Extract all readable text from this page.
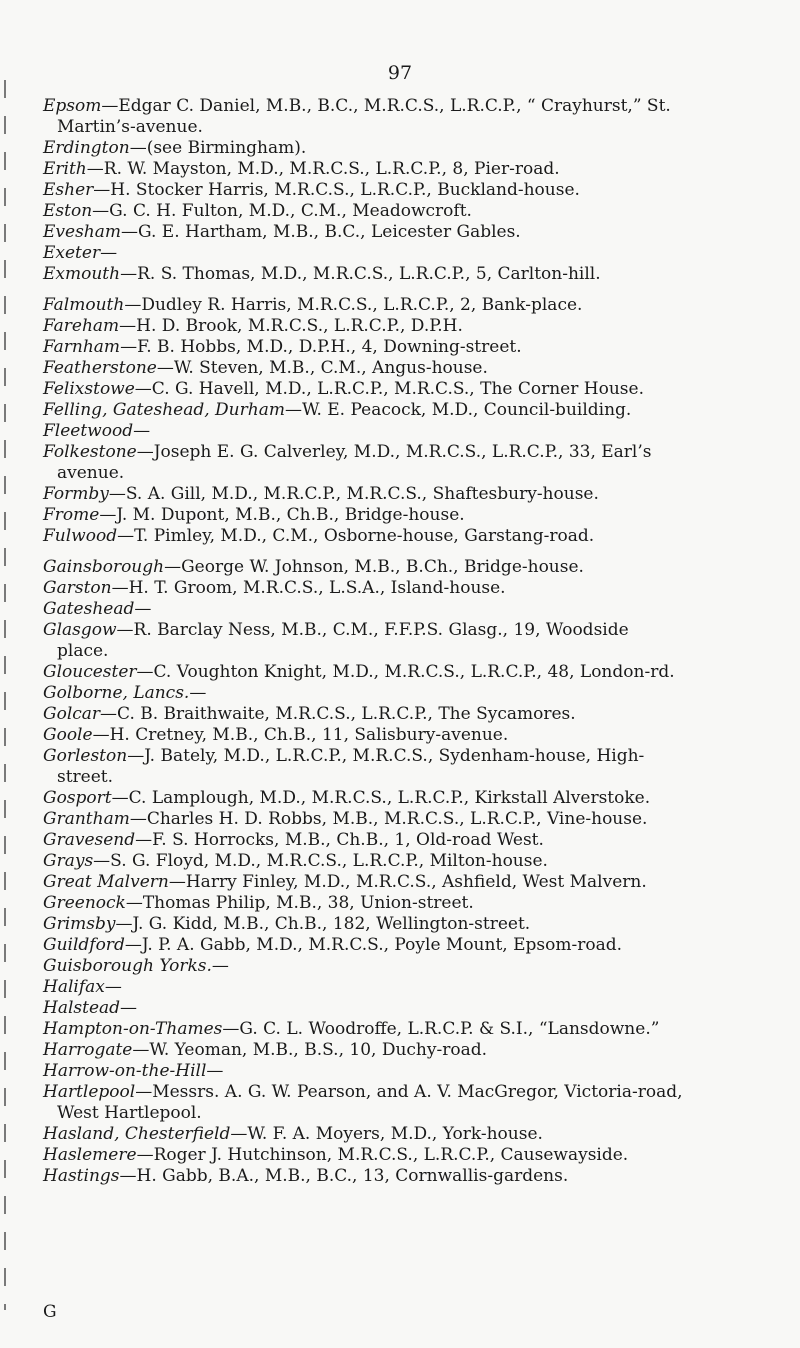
97

Epsom—Edgar C. Daniel, M.B., B.C., M.R.C.S., L.R.C.P., “ Crayhurst,” St.
Martin’s-avenue.

Erdington—(see Birmingham).

Erith—R. W. Mayston, M.D., M.R.C.S., L.R.C.P., 8, Pier-road.

Esher—H. Stocker Harris, M.R.C.S., L.R.C.P., Buckland-house.

Eston—G. C. H. Fulton, M.D., C.M., Meadowcroft.

Evesham—G. E. Hartham, M.B., B.C., Leicester Gables.

Exeter—

Exmouth—R. S. Thomas, M.D., M.R.C.S., L.R.C.P., 5, Carlton-hill.

Falmouth—Dudley R. Harris, M.R.C.S., L.R.C.P., 2, Bank-place.

Fareham—H. D. Brook, M.R.C.S., L.R.C.P., D.P.H.

Farnham—F. B. Hobbs, M.D., D.P.H., 4, Downing-street.

Featherstone—W. Steven, M.B., C.M., Angus-house.

Felixstowe—C. G. Havell, M.D., L.R.C.P., M.R.C.S., The Corner House.

Felling, Gateshead, Durham—W. E. Peacock, M.D., Council-building.

Fleetwood—

Folkestone—Joseph E. G. Calverley, M.D., M.R.C.S., L.R.C.P., 33, Earl’s
avenue.

Formby—S. A. Gill, M.D., M.R.C.P., M.R.C.S., Shaftesbury-house.

Frome—J. M. Dupont, M.B., Ch.B., Bridge-house.

Fulwood—T. Pimley, M.D., C.M., Osborne-house, Garstang-road.

Gainsborough—George W. Johnson, M.B., B.Ch., Bridge-house.

Garston—H. T. Groom, M.R.C.S., L.S.A., Island-house.

Gateshead—

Glasgow—R. Barclay Ness, M.B., C.M., F.F.P.S. Glasg., 19, Woodside
place.

Gloucester—C. Voughton Knight, M.D., M.R.C.S., L.R.C.P., 48, London-rd.

Golborne, Lancs.—

Golcar—C. B. Braithwaite, M.R.C.S., L.R.C.P., The Sycamores.

Goole—H. Cretney, M.B., Ch.B., 11, Salisbury-avenue.

Gorleston—J. Bately, M.D., L.R.C.P., M.R.C.S., Sydenham-house, High-
street.

Gosport—C. Lamplough, M.D., M.R.C.S., L.R.C.P., Kirkstall Alverstoke.

Grantham—Charles H. D. Robbs, M.B., M.R.C.S., L.R.C.P., Vine-house.

Gravesend—F. S. Horrocks, M.B., Ch.B., 1, Old-road West.

Grays—S. G. Floyd, M.D., M.R.C.S., L.R.C.P., Milton-house.

Great Malvern—Harry Finley, M.D., M.R.C.S., Ashfield, West Malvern.

Greenock—Thomas Philip, M.B., 38, Union-street.

Grimsby—J. G. Kidd, M.B., Ch.B., 182, Wellington-street.

Guildford—J. P. A. Gabb, M.D., M.R.C.S., Poyle Mount, Epsom-road.

Guisborough Yorks.—

Halifax—

Halstead—

Hampton-on-Thames—G. C. L. Woodroffe, L.R.C.P. & S.I., “Lansdowne.”

Harrogate—W. Yeoman, M.B., B.S., 10, Duchy-road.

Harrow-on-the-Hill—

Hartlepool—Messrs. A. G. W. Pearson, and A. V. MacGregor, Victoria-road,
West Hartlepool.

Hasland, Chesterfield—W. F. A. Moyers, M.D., York-house.

Haslemere—Roger J. Hutchinson, M.R.C.S., L.R.C.P., Causewayside.

Hastings—H. Gabb, B.A., M.B., B.C., 13, Cornwallis-gardens.

G
